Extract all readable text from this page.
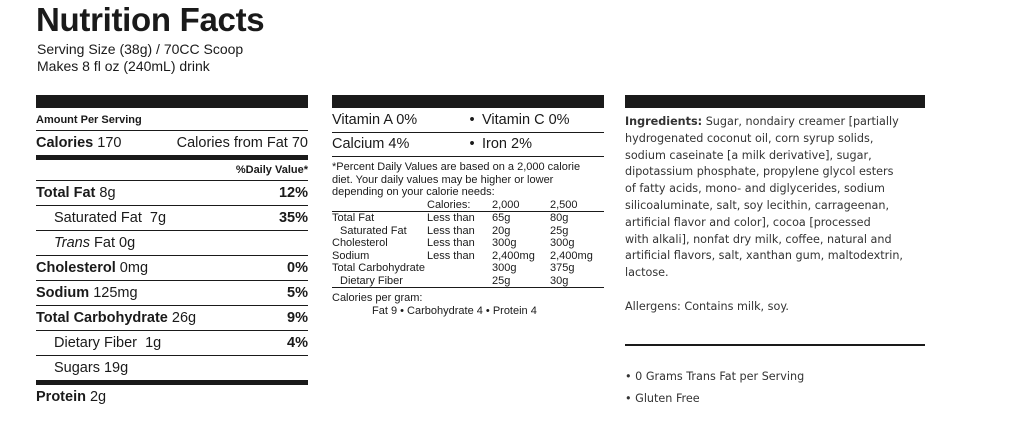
Nutrition Facts
Serving Size (38g) / 70CC Scoop
Makes 8 fl oz (240mL) drink
Amount Per Serving
Calories 170	Calories from Fat 70
%Daily Value*
Total Fat 8g	12%
Saturated Fat 7g	35%
Trans Fat 0g
Cholesterol 0mg	0%
Sodium 125mg	5%
Total Carbohydrate 26g	9%
Dietary Fiber 1g	4%
Sugars 19g
Protein 2g
Vitamin A 0%	• Vitamin C 0%
Calcium 4%	• Iron 2%
*Percent Daily Values are based on a 2,000 calorie diet. Your daily values may be higher or lower depending on your calorie needs:
	Calories:	2,000	2,500
Total Fat	Less than	65g	80g
Saturated Fat	Less than	20g	25g
Cholesterol	Less than	300g	300g
Sodium	Less than	2,400mg	2,400mg
Total Carbohydrate		300g	375g
Dietary Fiber		25g	30g
Calories per gram:
Fat 9 • Carbohydrate 4 • Protein 4
Ingredients: Sugar, nondairy creamer [partially
hydrogenated coconut oil, corn syrup solids,
sodium caseinate [a milk derivative], sugar,
dipotassium phosphate, propylene glycol esters
of fatty acids, mono- and diglycerides, sodium
silicoaluminate, salt, soy lecithin, carrageenan,
artificial flavor and color], cocoa [processed
with alkali], nonfat dry milk, coffee, natural and
artificial flavors, salt, xanthan gum, maltodextrin,
lactose.
Allergens: Contains milk, soy.
• 0 Grams Trans Fat per Serving
• Gluten Free
